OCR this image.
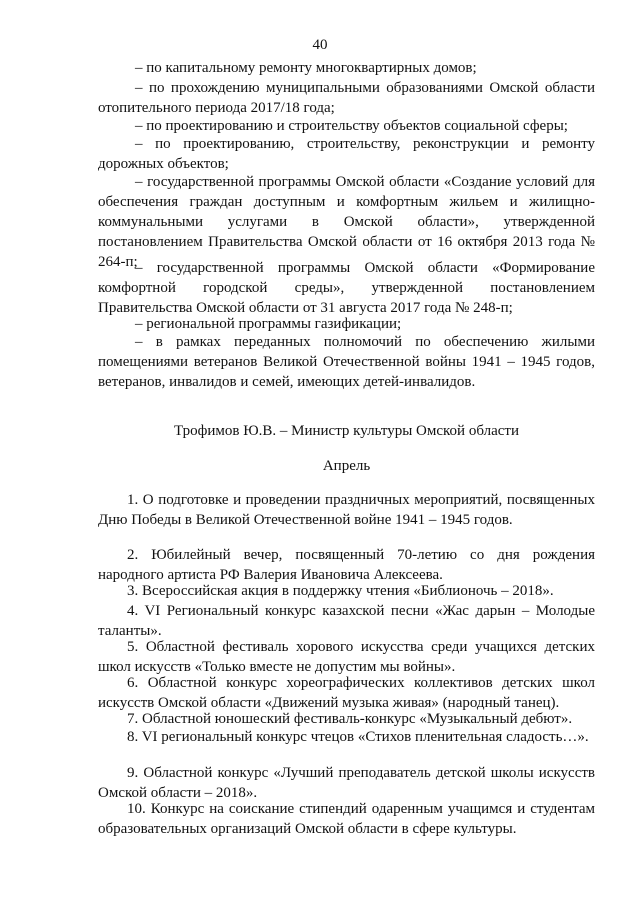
40

– по капитальному ремонту многоквартирных домов;

– по прохождению муниципальными образованиями Омской области отопительного периода 2017/18 года;

– по проектированию и строительству объектов социальной сферы;

– по проектированию, строительству, реконструкции и ремонту дорожных объектов;

– государственной программы Омской области «Создание условий для обеспечения граждан доступным и комфортным жильем и жилищно-коммунальными услугами в Омской области», утвержденной постановлением Правительства Омской области от 16 октября 2013 года № 264-п;

– государственной программы Омской области «Формирование комфортной городской среды», утвержденной постановлением Правительства Омской области от 31 августа 2017 года № 248-п;

– региональной программы газификации;

– в рамках переданных полномочий по обеспечению жилыми помещениями ветеранов Великой Отечественной войны 1941 – 1945 годов, ветеранов, инвалидов и семей, имеющих детей-инвалидов.

Трофимов Ю.В. – Министр культуры Омской области

Апрель

1. О подготовке и проведении праздничных мероприятий, посвященных Дню Победы в Великой Отечественной войне 1941 – 1945 годов.

2. Юбилейный вечер, посвященный 70-летию со дня рождения народного артиста РФ Валерия Ивановича Алексеева.

3. Всероссийская акция в поддержку чтения «Библионочь – 2018».

4. VI Региональный конкурс казахской песни «Жас дарын – Молодые таланты».

5. Областной фестиваль хорового искусства среди учащихся детских школ искусств «Только вместе не допустим мы войны».

6. Областной конкурс хореографических коллективов детских школ искусств Омской области «Движений музыка живая» (народный танец).

7. Областной юношеский фестиваль-конкурс «Музыкальный дебют».

8. VI региональный конкурс чтецов «Стихов пленительная сладость…».

9. Областной конкурс «Лучший преподаватель детской школы искусств Омской области – 2018».

10. Конкурс на соискание стипендий одаренным учащимся и студентам образовательных организаций Омской области в сфере культуры.
